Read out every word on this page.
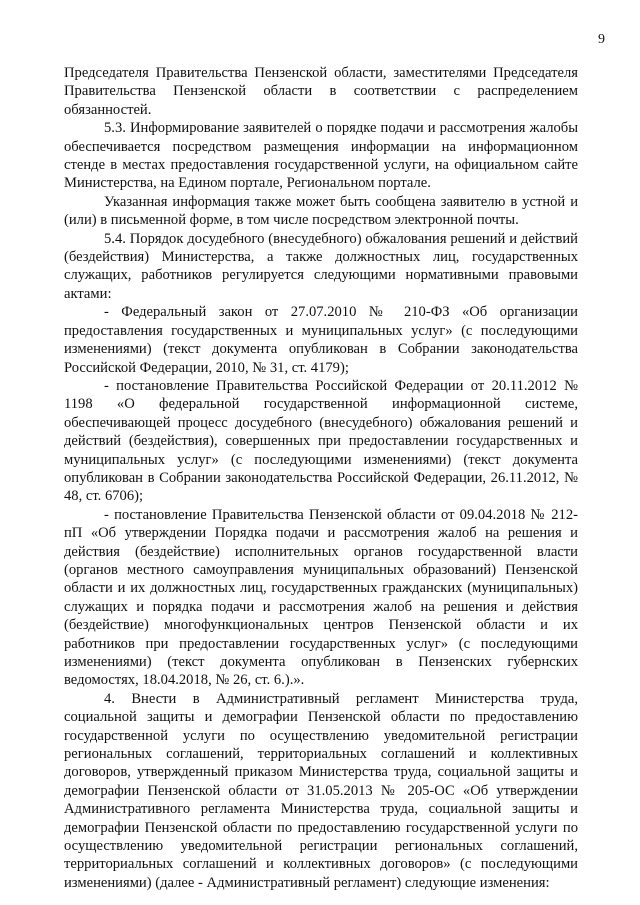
9

Председателя Правительства Пензенской области, заместителями Председателя Правительства Пензенской области в соответствии с распределением обязанностей.

5.3. Информирование заявителей о порядке подачи и рассмотрения жалобы обеспечивается посредством размещения информации на информационном стенде в местах предоставления государственной услуги, на официальном сайте Министерства, на Едином портале, Региональном портале.

Указанная информация также может быть сообщена заявителю в устной и (или) в письменной форме, в том числе посредством электронной почты.

5.4. Порядок досудебного (внесудебного) обжалования решений и действий (бездействия) Министерства, а также должностных лиц, государственных служащих, работников регулируется следующими нормативными правовыми актами:

- Федеральный закон от 27.07.2010 № 210-ФЗ «Об организации предоставления государственных и муниципальных услуг» (с последующими изменениями) (текст документа опубликован в Собрании законодательства Российской Федерации, 2010, № 31, ст. 4179);

- постановление Правительства Российской Федерации от 20.11.2012 № 1198 «О федеральной государственной информационной системе, обеспечивающей процесс досудебного (внесудебного) обжалования решений и действий (бездействия), совершенных при предоставлении государственных и муниципальных услуг» (с последующими изменениями) (текст документа опубликован в Собрании законодательства Российской Федерации, 26.11.2012, № 48, ст. 6706);

- постановление Правительства Пензенской области от 09.04.2018 № 212-пП «Об утверждении Порядка подачи и рассмотрения жалоб на решения и действия (бездействие) исполнительных органов государственной власти (органов местного самоуправления муниципальных образований) Пензенской области и их должностных лиц, государственных гражданских (муниципальных) служащих и порядка подачи и рассмотрения жалоб на решения и действия (бездействие) многофункциональных центров Пензенской области и их работников при предоставлении государственных услуг» (с последующими изменениями) (текст документа опубликован в Пензенских губернских ведомостях, 18.04.2018, № 26, ст. 6.).».

4. Внести в Административный регламент Министерства труда, социальной защиты и демографии Пензенской области по предоставлению государственной услуги по осуществлению уведомительной регистрации региональных соглашений, территориальных соглашений и коллективных договоров, утвержденный приказом Министерства труда, социальной защиты и демографии Пензенской области от 31.05.2013 № 205-ОС «Об утверждении Административного регламента Министерства труда, социальной защиты и демографии Пензенской области по предоставлению государственной услуги по осуществлению уведомительной регистрации региональных соглашений, территориальных соглашений и коллективных договоров» (с последующими изменениями) (далее - Административный регламент) следующие изменения:
